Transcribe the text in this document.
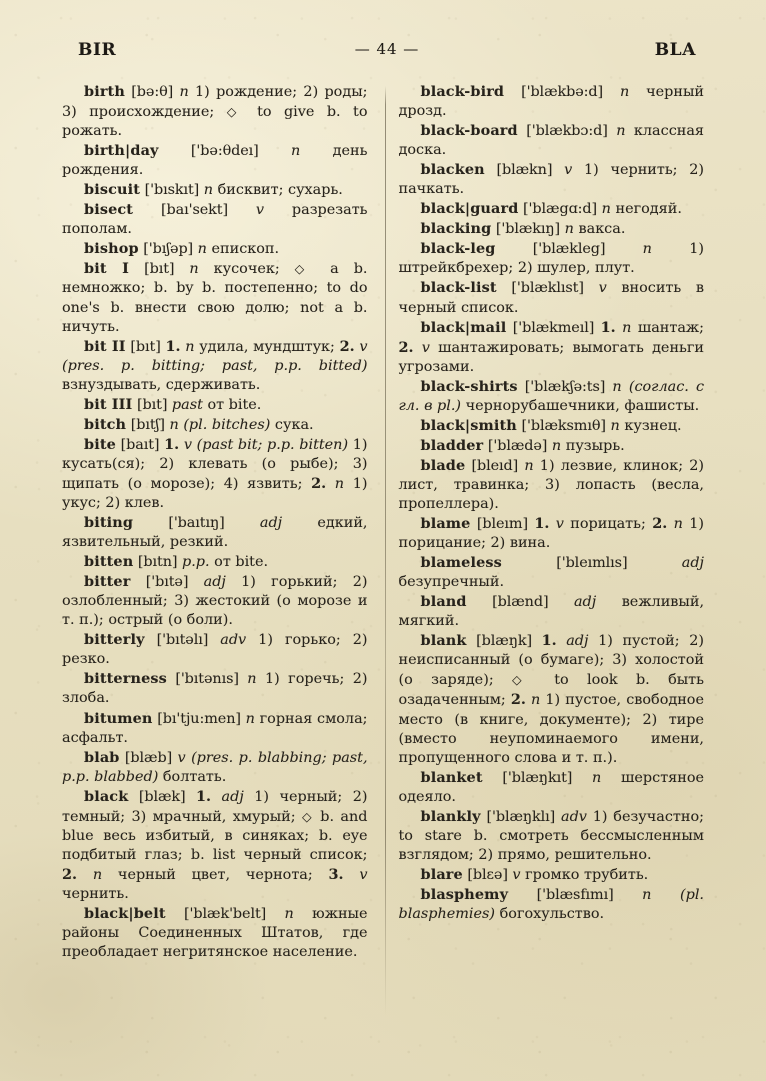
BIR	— 44 —	BLA

birth [bə:θ] n 1) рождение; 2) роды; 3) происхождение; ◇ to give b. to рожать.

birth|day ['bə:θdeı] n день рождения.

biscuit ['bıskıt] n бисквит; сухарь.

bisect [baı'sekt] v разрезать пополам.

bishop ['bıʃəp] n епископ.

bit I [bıt] n кусочек; ◇ a b. немножко; b. by b. постепенно; to do one's b. внести свою долю; not a b. ничуть.

bit II [bıt] 1. n удила, мундштук; 2. v (pres. p. bitting; past, p.p. bitted) взнуздывать, сдерживать.

bit III [bıt] past от bite.

bitch [bıtʃ] n (pl. bitches) сука.

bite [baıt] 1. v (past bit; p.p. bitten) 1) кусать(ся); 2) клевать (о рыбе); 3) щипать (о морозе); 4) язвить; 2. n 1) укус; 2) клев.

biting ['baıtıŋ] adj едкий, язвительный, резкий.

bitten [bıtn] p.p. от bite.

bitter ['bıtə] adj 1) горький; 2) озлобленный; 3) жестокий (о морозе и т. п.); острый (о боли).

bitterly ['bıtəlı] adv 1) горько; 2) резко.

bitterness ['bıtənıs] n 1) горечь; 2) злоба.

bitumen [bı'tju:men] n горная смола; асфальт.

blab [blæb] v (pres. p. blabbing; past, p.p. blabbed) болтать.

black [blæk] 1. adj 1) черный; 2) темный; 3) мрачный, хмурый; ◇ b. and blue весь избитый, в синяках; b. eye подбитый глаз; b. list черный список; 2. n черный цвет, чернота; 3. v чернить.

black|belt ['blæk'belt] n южные районы Соединенных Штатов, где преобладает негритянское население.

black-bird ['blækbə:d] n черный дрозд.

black-board ['blækbɔ:d] n классная доска.

blacken [blækn] v 1) чернить; 2) пачкать.

black|guard ['blægɑ:d] n негодяй.

blacking ['blækıŋ] n вакса.

black-leg	['blækleg]	n 1) штрейкбрехер; 2) шулер, плут.

black-list ['blæklıst] v вносить в черный список.

black|mail ['blækmeıl] 1. n шантаж; 2. v шантажировать; вымогать деньги угрозами.

black-shirts ['blækʃə:ts] n (соглас. с гл. в pl.) чернорубашечники, фашисты.

black|smith ['blæksmıθ] n кузнец.

bladder ['blædə] n пузырь.

blade [bleıd] n 1) лезвие, клинок; 2) лист, травинка; 3) лопасть (весла, пропеллера).

blame [bleım] 1. v порицать; 2. n 1) порицание; 2) вина.

blameless	['bleımlıs]	adj безупречный.

bland [blænd] adj вежливый, мягкий.

blank [blæŋk] 1. adj 1) пустой; 2) неисписанный (о бумаге); 3) холостой (о заряде); ◇ to look b. быть озадаченным; 2. n 1) пустое, свободное место (в книге, документе); 2) тире (вместо неупоминаемого имени, пропущенного слова и т. п.).

blanket ['blæŋkıt] n шерстяное одеяло.

blankly ['blæŋklı] adv 1) безучастно; to stare b. смотреть бессмысленным взглядом; 2) прямо, решительно.

blare [blɛə] v громко трубить.

blasphemy ['blæsfımı] n (pl. blasphemies) богохульство.
